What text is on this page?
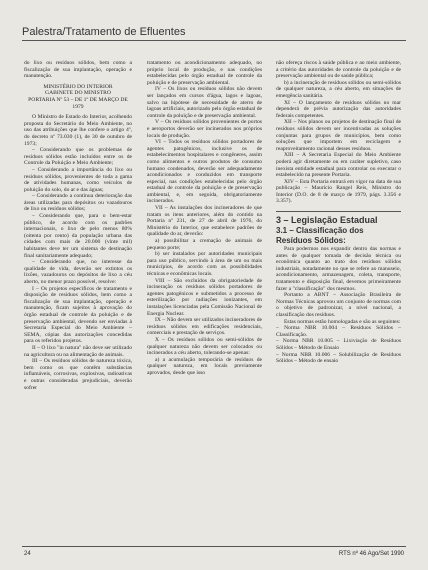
Palestra/Tratamento de Efluentes

do lixo ou resíduos sólidos, bem como a fiscalização de sua implantação, operação e manutenção.

MINISTÉRIO DO INTERIOR

GABINETE DO MINISTRO

PORTARIA Nº 53 – DE 1º DE MARÇO DE 1979

O Ministro de Estado do Interior, acolhendo proposta do Secretário do Meio Ambiente, no uso das atribuições que lhe confere o artigo 4º, do decreto nº 73.030 (1), de 30 de outubro de 1973;

– Considerando que os problemas de resíduos sólidos estão incluídos entre os de Controle da Poluição e Meio Ambiente;

– Considerando a importância do lixo ou resíduos sólidos, provenientes de toda a gama de atividades humanas, como veículos de poluição do solo, do ar e das águas;

– Considerando a contínua deterioração das áreas utilizadas para depósitos ou vazadouros de lixo ou resíduos sólidos;

– Considerando que, para o bem-estar público, de acordo com os padrões internacionais, o lixo de pelo menos 80% (oitenta por cento) da população urbana das cidades com mais de 20.000 (vinte mil) habitantes deve ter um sistema de destinação final sanitariamente adequado;

– Considerando que, no interesse da qualidade de vida, deverão ser extintos os lixões, vazadouros ou depósitos de lixo a céu aberto, no menor prazo possível, resolve:

I – Os projetos específicos de tratamento e disposição de resíduos sólidos, bem como a fiscalização de sua implantação, operação e manutenção, ficam sujeitos à aprovação do órgão estadual de controle da poluição e de preservação ambiental, devendo ser enviadas à Secretaria Especial do Meio Ambiente – SEMA, cópias das autorizações concedidas para os referidos projetos.

II – O lixo "in natura" não deve ser utilizado na agricultura ou na alimentação de animais.

III – Os resíduos sólidos de natureza tóxica, bem como os que contêm substâncias inflamáveis, corrosivas, explosivas, radioativas e outras consideradas prejudiciais, deverão sofrer

tratamento ou acondicionamento adequado, no próprio local de produção, e nas condições estabelecidas pelo órgão estadual de controle da poluição e de preservação ambiental.

IV – Os lixos ou resíduos sólidos não devem ser lançados em cursos d'água, lagos e lagoas, salvo na hipótese de necessidade de aterro de lagoas artificiais, autorizado pelo órgão estadual de controle da poluição e de preservação ambiental.

V – Os resíduos sólidos provenientes de portos e aeroportos deverão ser incinerados nos próprios locais de produção.

VI – Todos os resíduos sólidos portadores de agentes patogênicos, inclusive os de estabelecimentos hospitalares e congêneres, assim como alimentos e outros produtos de consumo humano condenados, deverão ser adequadamente acondicionados e conduzidos em transporte especial, nas condições estabelecidas pelo órgão estadual de controle da poluição e de preservação ambiental, e, em seguida, obrigatoriamente incinerados.

VII – As instalações dos incineradores de que tratam os itens anteriores, além do contido na Portaria nº 231, de 27 de abril de 1976, do Ministério do Interior, que estabelece padrões de qualidade do ar, deverão:

a) possibilitar a cremação de animais de pequeno porte;

b) ser instalados por autoridades municipais para uso público, servindo à área de um ou mais municípios, de acordo com as possibilidades técnicas e econômicas locais.

VIII – São excluídos da obrigatoriedade de incineração os resíduos sólidos portadores de agentes patogênicos e submetidos a processo de esterilização por radiações ionizantes, em instalações licenciadas pela Comissão Nacional de Energia Nuclear.

IX – Não devem ser utilizados incineradores de resíduos sólidos em edificações residenciais, comerciais e prestação de serviços.

X – Os resíduos sólidos ou semi-sólidos de qualquer natureza não devem ser colocados ou incinerados a céu aberto, tolerando-se apenas:

a) a acumulação temporária de resíduos de qualquer natureza, em locais previamente aprovados, desde que isso

não ofereça riscos à saúde pública e ao meio ambiente, a critério das autoridades de controle da poluição e de preservação ambiental ou de saúde pública;

b) a incineração de resíduos sólidos ou semi-sólidos de qualquer natureza, a céu aberto, em situações de emergência sanitária.

XI – O lançamento de resíduos sólidos no mar dependerá de prévia autorização das autoridades federais competentes.

XII – Nos planos ou projetos de destinação final de resíduos sólidos devem ser incentivadas as soluções conjuntas para grupos de municípios, bem como soluções que importem em reciclagem e reaproveitamento racional desses resíduos.

XIII – A Secretaria Especial do Meio Ambiente poderá agir diretamente ou em caráter supletivo, caso inexista entidade estadual para controlar ou executar o estabelecido na presente Portaria.

XIV – Esta Portaria entrará em vigor na data de sua publicação – Maurício Rangel Reis, Ministro do Interior (D.O. de 8 de março de 1979, págs. 3.356 e 3.357).

3 – Legislação Estadual

3.1 – Classificação dos Resíduos Sólidos:

Para podermos nos expandir dentro das normas e antes de qualquer tomada de decisão técnica ou econômica quanto ao trato dos resíduos sólidos industriais, notadamente no que se refere ao manuseio, acondicionamento, armazenagem, coleta, transporte, tratamento e disposição final, devemos primeiramente fazer a "classificação" dos mesmos.

Portanto a ABNT – Associação Brasileira de Normas Técnicas aprovou um conjunto de normas com o objetivo de padronizar, a nível nacional, a classificação dos resíduos.

Estas normas estão homologadas e são as seguintes:

– Norma NBR 10.004 – Resíduos Sólidos – Classificação.

– Norma NBR 10.005 – Lixiviação de Resíduos Sólidos – Método de Ensaio

– Norma NBR 10.006 – Solubilização de Resíduos Sólidos – Método de ensaio

24	RTS nº 46 Ago/Set 1990
